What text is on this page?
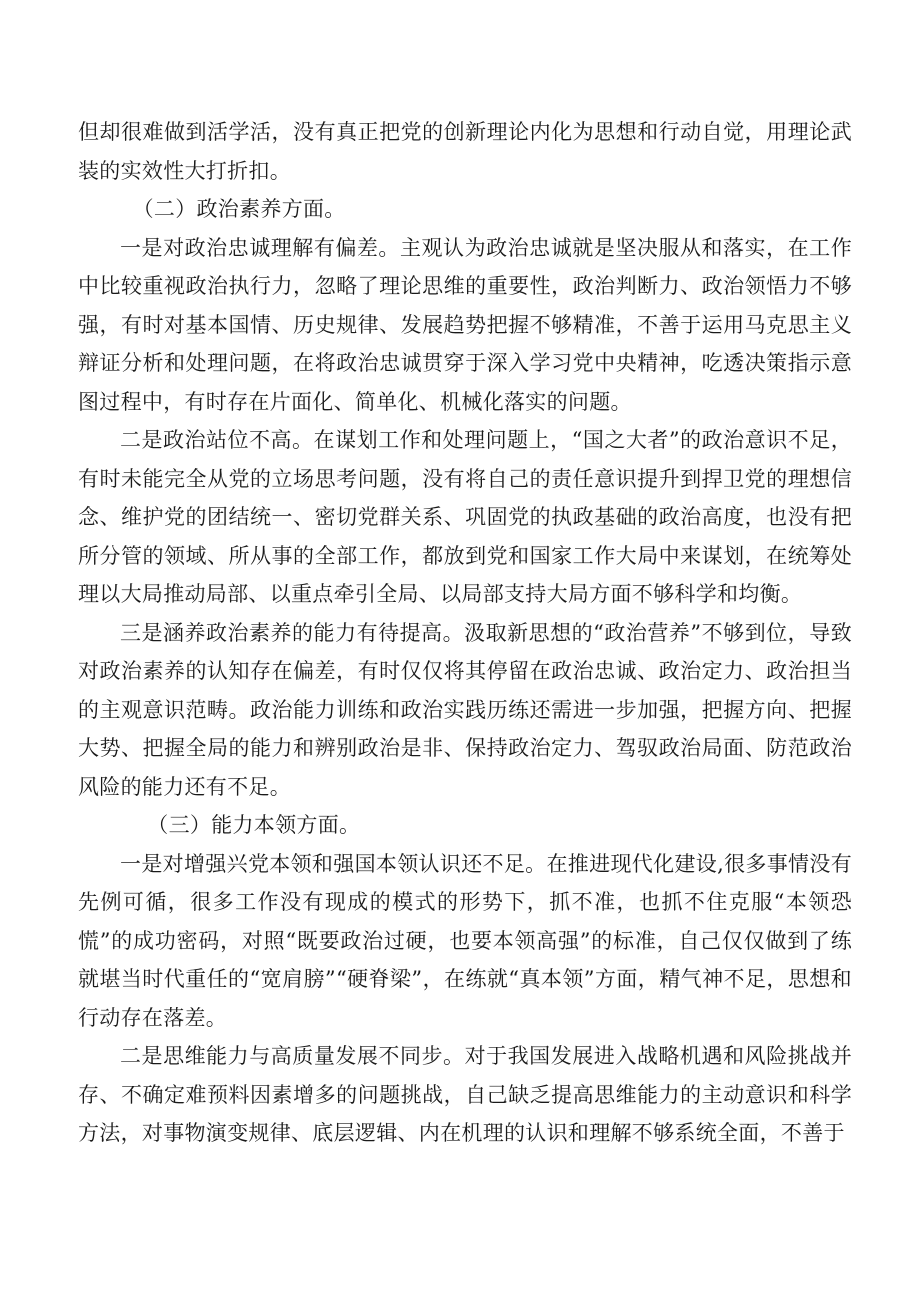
但却很难做到活学活，没有真正把党的创新理论内化为思想和行动自觉，用理论武装的实效性大打折扣。

（二）政治素养方面。

一是对政治忠诚理解有偏差。主观认为政治忠诚就是坚决服从和落实，在工作中比较重视政治执行力，忽略了理论思维的重要性，政治判断力、政治领悟力不够强，有时对基本国情、历史规律、发展趋势把握不够精准，不善于运用马克思主义辩证分析和处理问题，在将政治忠诚贯穿于深入学习党中央精神，吃透决策指示意图过程中，有时存在片面化、简单化、机械化落实的问题。

二是政治站位不高。在谋划工作和处理问题上，“国之大者”的政治意识不足，有时未能完全从党的立场思考问题，没有将自己的责任意识提升到捍卫党的理想信念、维护党的团结统一、密切党群关系、巩固党的执政基础的政治高度，也没有把所分管的领域、所从事的全部工作，都放到党和国家工作大局中来谋划，在统筹处理以大局推动局部、以重点牵引全局、以局部支持大局方面不够科学和均衡。

三是涵养政治素养的能力有待提高。汲取新思想的“政治营养”不够到位，导致对政治素养的认知存在偏差，有时仅仅将其停留在政治忠诚、政治定力、政治担当的主观意识范畴。政治能力训练和政治实践历练还需进一步加强，把握方向、把握大势、把握全局的能力和辨别政治是非、保持政治定力、驾驭政治局面、防范政治风险的能力还有不足。

（三）能力本领方面。

一是对增强兴党本领和强国本领认识还不足。在推进现代化建设,很多事情没有先例可循，很多工作没有现成的模式的形势下，抓不准，也抓不住克服“本领恐慌”的成功密码，对照“既要政治过硬，也要本领高强”的标准，自己仅仅做到了练就堪当时代重任的“宽肩膀”“硬脊梁”，在练就“真本领”方面，精气神不足，思想和行动存在落差。

二是思维能力与高质量发展不同步。对于我国发展进入战略机遇和风险挑战并存、不确定难预料因素增多的问题挑战，自己缺乏提高思维能力的主动意识和科学方法，对事物演变规律、底层逻辑、内在机理的认识和理解不够系统全面，不善于
